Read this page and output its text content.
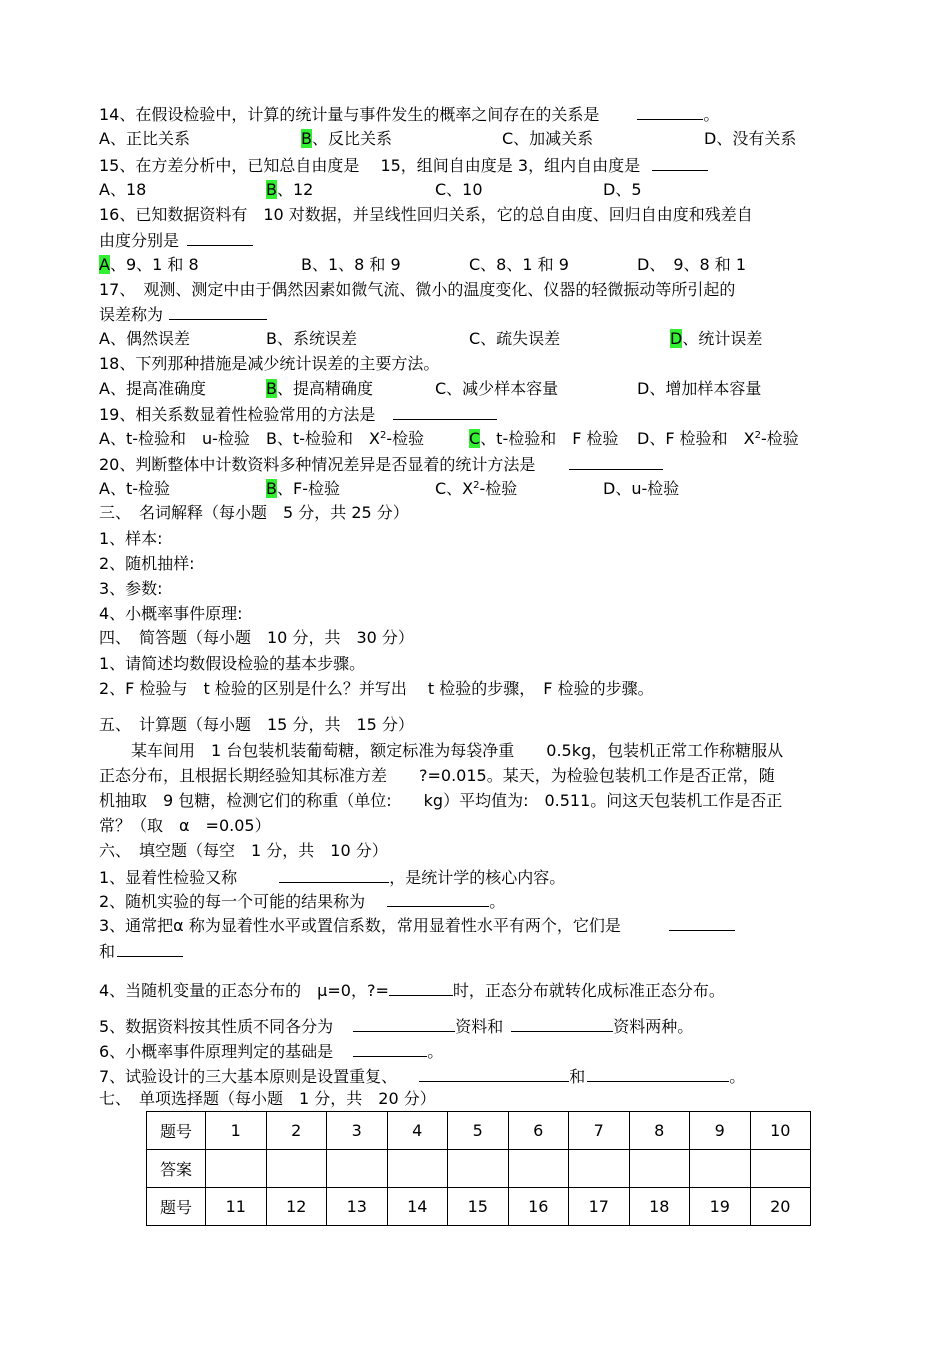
14、在假设检验中，计算的统计量与事件发生的概率之间存在的关系是	。
A、正比关系	B、反比关系	C、加减关系	D、没有关系
15、在方差分析中，已知总自由度是　 15，组间自由度是 3，组内自由度是
A、18	B、12	C、10	D、5
16、已知数据资料有　10 对数据，并呈线性回归关系，它的总自由度、回归自由度和残差自
由度分别是
A、9、1 和 8	B、1、8 和 9	C、8、1 和 9	D、　9、8 和 1
17、　观测、测定中由于偶然因素如微气流、微小的温度变化、仪器的轻微振动等所引起的
误差称为
A、偶然误差	B、系统误差	C、疏失误差	D、统计误差
18、下列那种措施是减少统计误差的主要方法。
A、提高准确度	B、提高精确度	C、减少样本容量	D、增加样本容量
19、相关系数显着性检验常用的方法是
A、t-检验和　u-检验 B、t-检验和　$X^2-$检验	C、t-检验和　F 检验 D、F 检验和　$X^2-$检验
20、判断整体中计数资料多种情况差异是否显着的统计方法是
A、t-检验	B、F-检验	C、$X^2-$检验	D、u-检验
三、　名词解释（每小题　5 分，共 25 分）
1、样本:
2、随机抽样:
3、参数:
4、小概率事件原理:
四、　简答题（每小题　10 分，共　30 分）
1、请简述均数假设检验的基本步骤。
2、F 检验与　t 检验的区别是什么？并写出　 t 检验的步骤，　F 检验的步骤。
五、　计算题（每小题　15 分，共　15 分）
　　某车间用　1 台包装机装葡萄糖，额定标准为每袋净重　　0.5kg，包装机正常工作称糖服从
正态分布，且根据长期经验知其标准方差　　?=0.015。某天，为检验包装机工作是否正常，随
机抽取　9 包糖，检测它们的称重（单位:　　kg）平均值为:　0.511。问这天包装机工作是否正
常？（取　α　=0.05）
六、　填空题（每空　1 分，共　10 分）
1、显着性检验又称	，是统计学的核心内容。
2、随机实验的每一个可能的结果称为	。
3、通常把α 称为显着性水平或置信系数，常用显着性水平有两个，它们是
和
4、当随机变量的正态分布的　μ=0，?=	时，正态分布就转化成标准正态分布。
5、数据资料按其性质不同各分为	资料和	资料两种。
6、小概率事件原理判定的基础是	。
7、试验设计的三大基本原则是设置重复、	和	。
七、　单项选择题（每小题　1 分，共　20 分）
题号	1	2	3	4	5	6	7	8	9	10
答案										
题号	11	12	13	14	15	16	17	18	19	20
